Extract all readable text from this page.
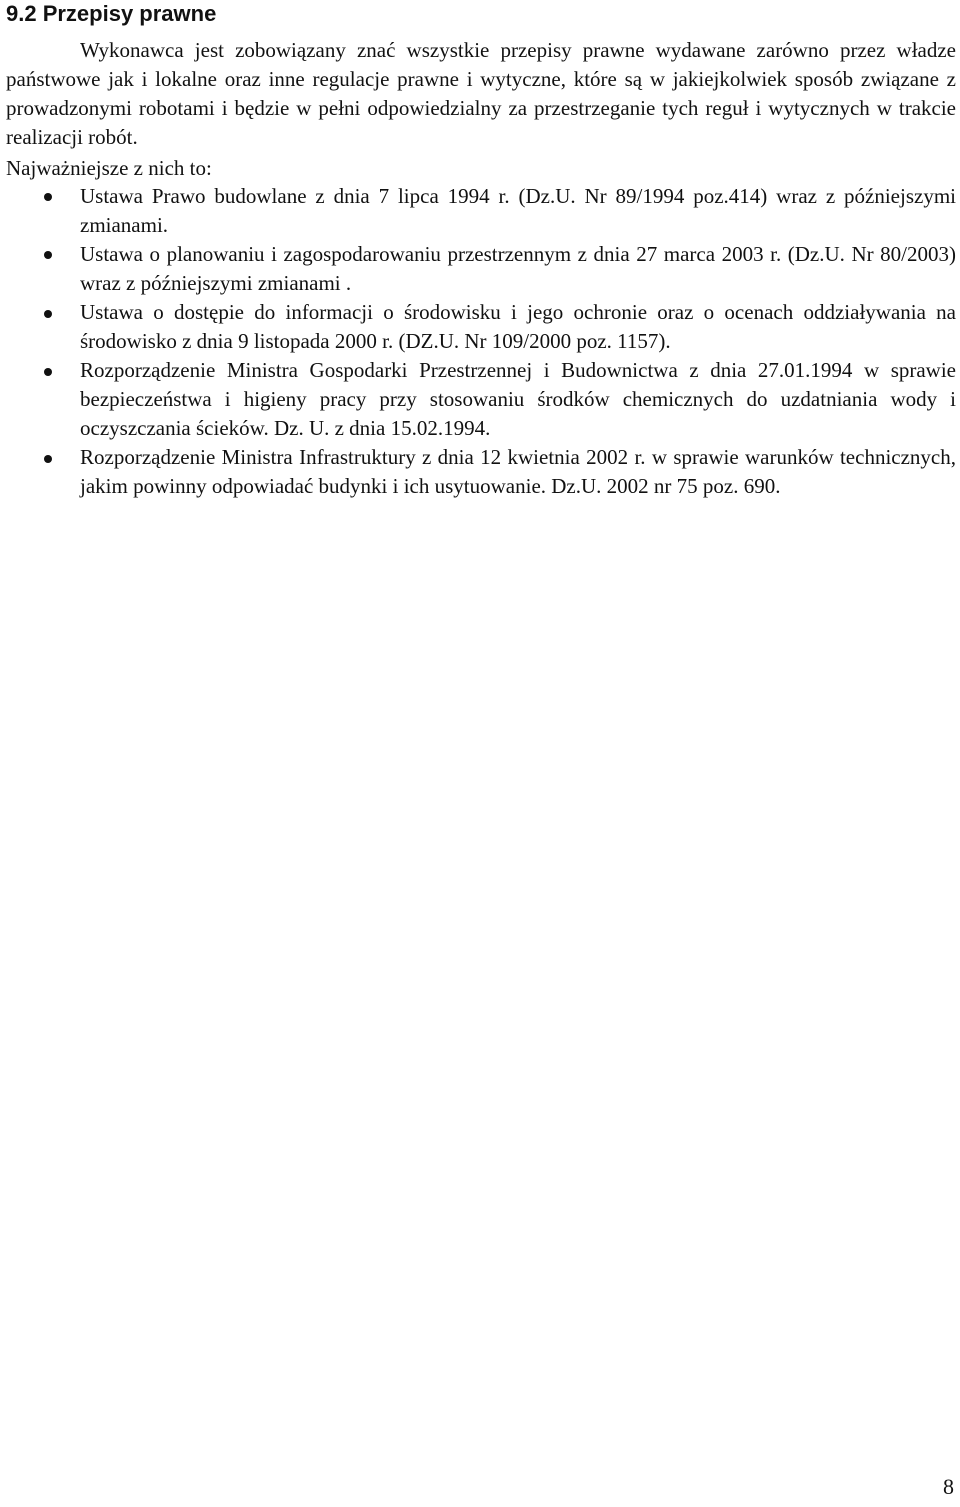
9.2 Przepisy prawne

Wykonawca jest zobowiązany znać wszystkie przepisy prawne wydawane zarówno przez władze państwowe jak i lokalne oraz inne regulacje prawne i wytyczne, które są w jakiejkolwiek sposób związane z prowadzonymi robotami i będzie w pełni odpowiedzialny za przestrzeganie tych reguł i wytycznych w trakcie realizacji robót.

Najważniejsze z nich to:

Ustawa Prawo budowlane z dnia 7 lipca 1994 r. (Dz.U. Nr 89/1994 poz.414) wraz z późniejszymi zmianami.
Ustawa o planowaniu i zagospodarowaniu przestrzennym z dnia 27 marca 2003 r. (Dz.U. Nr 80/2003) wraz z późniejszymi zmianami .
Ustawa o dostępie do informacji o środowisku i jego ochronie oraz o ocenach oddziaływania na środowisko z dnia 9 listopada 2000 r. (DZ.U. Nr 109/2000 poz. 1157).
Rozporządzenie Ministra Gospodarki Przestrzennej i Budownictwa z dnia 27.01.1994 w sprawie bezpieczeństwa i higieny pracy przy stosowaniu środków chemicznych do uzdatniania wody i oczyszczania ścieków. Dz. U. z dnia 15.02.1994.
Rozporządzenie Ministra Infrastruktury z dnia 12 kwietnia 2002 r. w sprawie warunków technicznych, jakim powinny odpowiadać budynki i ich usytuowanie. Dz.U. 2002 nr 75 poz. 690.

8
